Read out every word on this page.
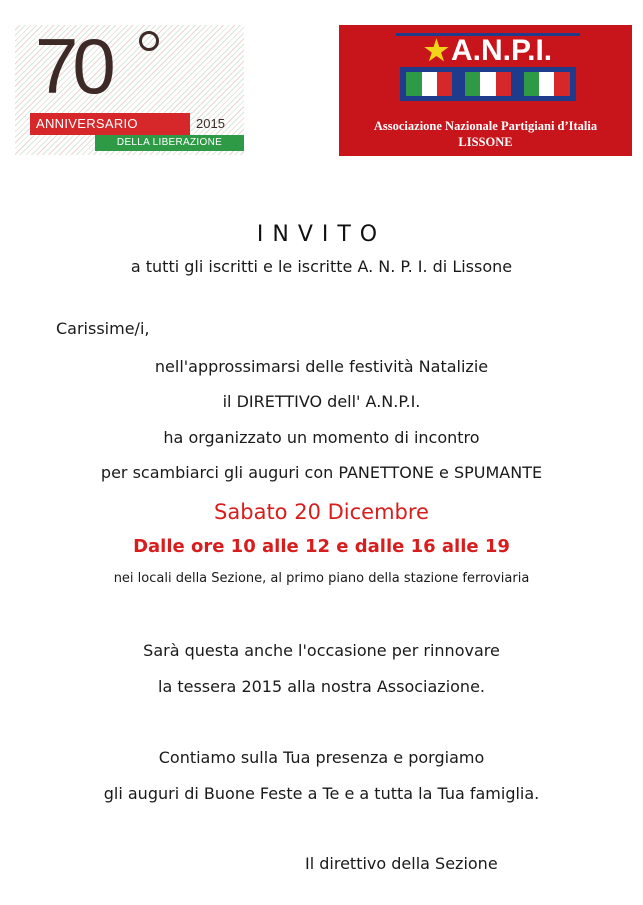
70
ANNIVERSARIO	2015
DELLA LIBERAZIONE
★ A.N.P.I.
Associazione Nazionale Partigiani d’Italia
LISSONE
INVITO
a tutti gli iscritti e le iscritte A. N. P. I. di Lissone
Carissime/i,
nell'approssimarsi delle festività Natalizie
il DIRETTIVO dell' A.N.P.I.
ha organizzato un momento di incontro
per scambiarci gli auguri con PANETTONE e SPUMANTE
Sabato 20 Dicembre
Dalle ore 10 alle 12 e dalle 16 alle 19
nei locali della Sezione, al primo piano della stazione ferroviaria
Sarà questa anche l'occasione per rinnovare
la tessera 2015 alla nostra Associazione.
Contiamo sulla Tua presenza e porgiamo
gli auguri di Buone Feste a Te e a tutta la Tua famiglia.
Il direttivo della Sezione
